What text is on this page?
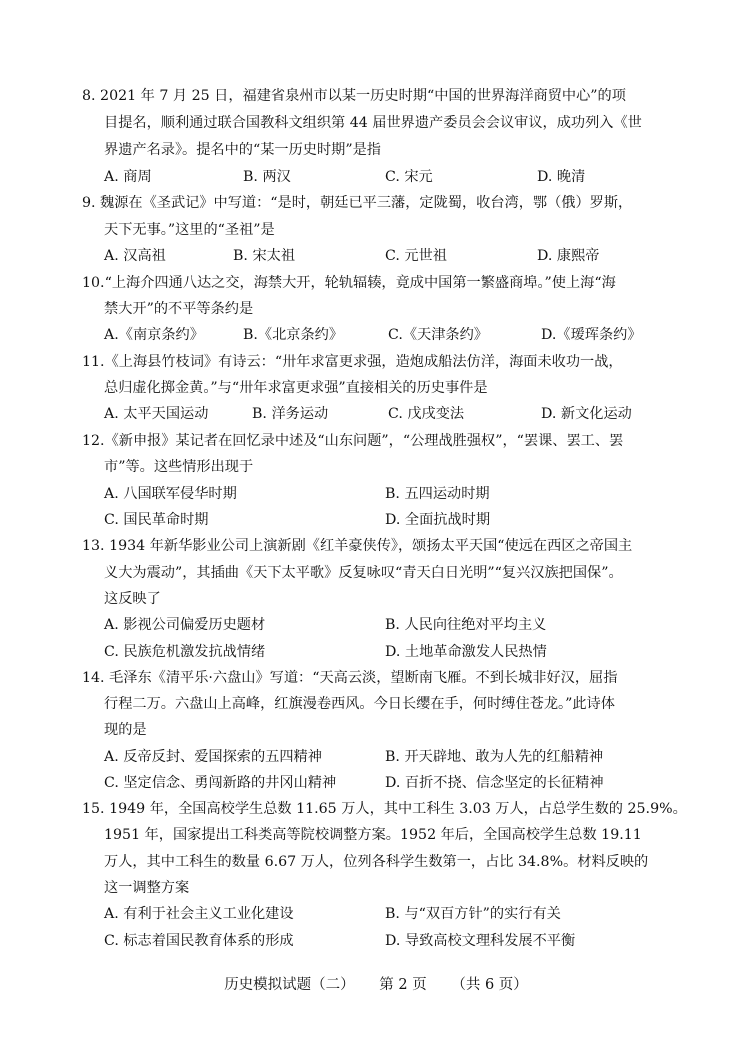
8. 2021 年 7 月 25 日，福建省泉州市以某一历史时期“中国的世界海洋商贸中心”的项
目提名，顺利通过联合国教科文组织第 44 届世界遗产委员会会议审议，成功列入《世
界遗产名录》。提名中的“某一历史时期”是指
A. 商周	B. 两汉	C. 宋元	D. 晚清
9. 魏源在《圣武记》中写道：“是时，朝廷已平三藩，定陇蜀，收台湾，鄂（俄）罗斯，
天下无事。”这里的“圣祖”是
A. 汉高祖	B. 宋太祖	C. 元世祖	D. 康熙帝
10.“上海介四通八达之交，海禁大开，轮轨辐辏，竟成中国第一繁盛商埠。”使上海“海
禁大开”的不平等条约是
A.《南京条约》	B.《北京条约》	C.《天津条约》	D.《瑷珲条约》
11.《上海县竹枝词》有诗云：“卅年求富更求强，造炮成船法仿洋，海面未收功一战，
总归虚化掷金黄。”与“卅年求富更求强”直接相关的历史事件是
A. 太平天国运动	B. 洋务运动	C. 戊戌变法	D. 新文化运动
12.《新申报》某记者在回忆录中述及“山东问题”，“公理战胜强权”，“罢课、罢工、罢
市”等。这些情形出现于
A. 八国联军侵华时期	B. 五四运动时期
C. 国民革命时期	D. 全面抗战时期
13. 1934 年新华影业公司上演新剧《红羊豪侠传》，颂扬太平天国“使远在西区之帝国主
义大为震动”，其插曲《天下太平歌》反复咏叹“青天白日光明”“复兴汉族把国保”。
这反映了
A. 影视公司偏爱历史题材	B. 人民向往绝对平均主义
C. 民族危机激发抗战情绪	D. 土地革命激发人民热情
14. 毛泽东《清平乐·六盘山》写道：“天高云淡，望断南飞雁。不到长城非好汉，屈指
行程二万。六盘山上高峰，红旗漫卷西风。今日长缨在手，何时缚住苍龙。”此诗体
现的是
A. 反帝反封、爱国探索的五四精神	B. 开天辟地、敢为人先的红船精神
C. 坚定信念、勇闯新路的井冈山精神	D. 百折不挠、信念坚定的长征精神
15. 1949 年，全国高校学生总数 11.65 万人，其中工科生 3.03 万人，占总学生数的 25.9%。
1951 年，国家提出工科类高等院校调整方案。1952 年后，全国高校学生总数 19.11
万人，其中工科生的数量 6.67 万人，位列各科学生数第一，占比 34.8%。材料反映的
这一调整方案
A. 有利于社会主义工业化建设	B. 与“双百方针”的实行有关
C. 标志着国民教育体系的形成	D. 导致高校文理科发展不平衡
历史模拟试题（二） 第 2 页 （共 6 页）
